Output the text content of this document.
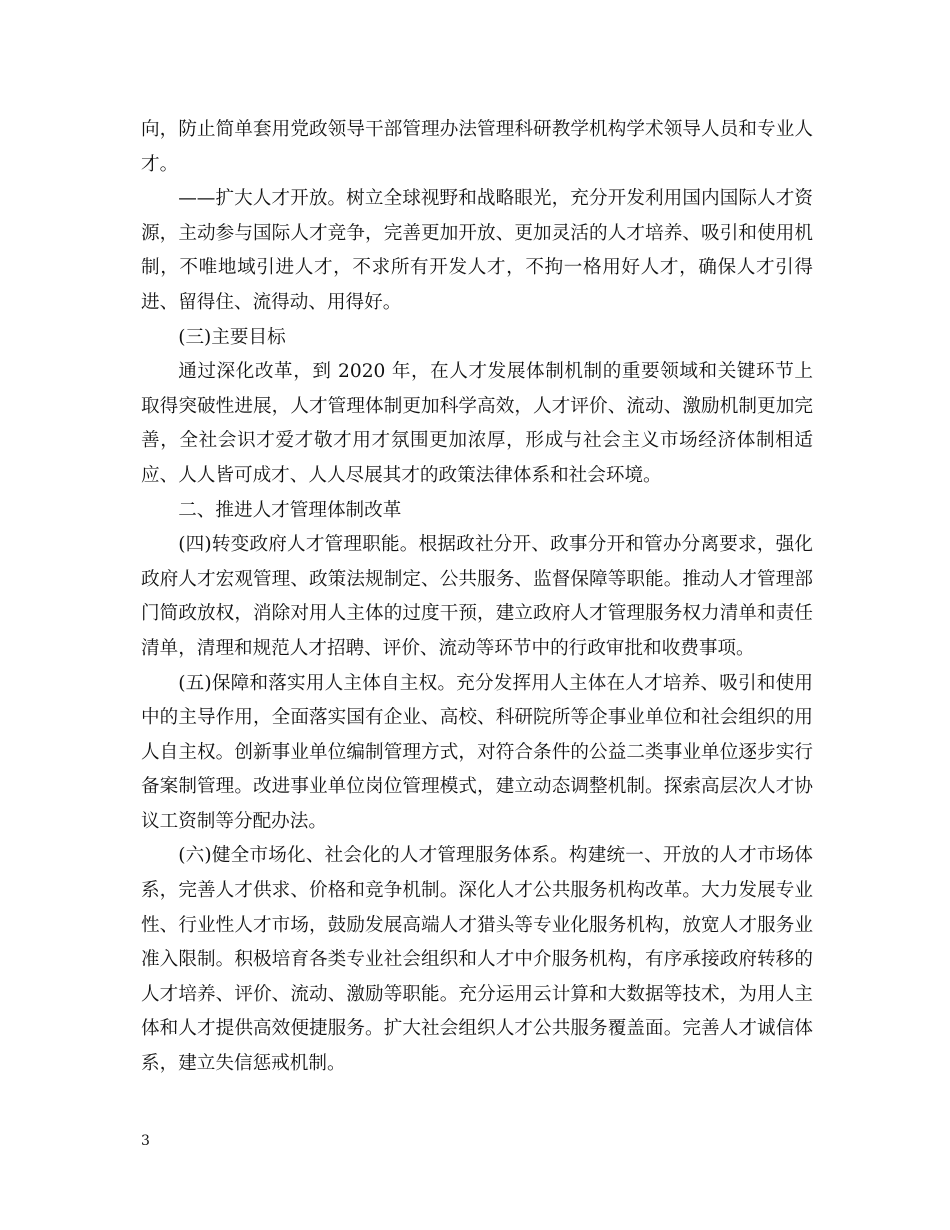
向，防止简单套用党政领导干部管理办法管理科研教学机构学术领导人员和专业人才。

——扩大人才开放。树立全球视野和战略眼光，充分开发利用国内国际人才资源，主动参与国际人才竞争，完善更加开放、更加灵活的人才培养、吸引和使用机制，不唯地域引进人才，不求所有开发人才，不拘一格用好人才，确保人才引得进、留得住、流得动、用得好。

(三)主要目标

通过深化改革，到 2020 年，在人才发展体制机制的重要领域和关键环节上取得突破性进展，人才管理体制更加科学高效，人才评价、流动、激励机制更加完善，全社会识才爱才敬才用才氛围更加浓厚，形成与社会主义市场经济体制相适应、人人皆可成才、人人尽展其才的政策法律体系和社会环境。

二、推进人才管理体制改革

(四)转变政府人才管理职能。根据政社分开、政事分开和管办分离要求，强化政府人才宏观管理、政策法规制定、公共服务、监督保障等职能。推动人才管理部门简政放权，消除对用人主体的过度干预，建立政府人才管理服务权力清单和责任清单，清理和规范人才招聘、评价、流动等环节中的行政审批和收费事项。

(五)保障和落实用人主体自主权。充分发挥用人主体在人才培养、吸引和使用中的主导作用，全面落实国有企业、高校、科研院所等企事业单位和社会组织的用人自主权。创新事业单位编制管理方式，对符合条件的公益二类事业单位逐步实行备案制管理。改进事业单位岗位管理模式，建立动态调整机制。探索高层次人才协议工资制等分配办法。

(六)健全市场化、社会化的人才管理服务体系。构建统一、开放的人才市场体系，完善人才供求、价格和竞争机制。深化人才公共服务机构改革。大力发展专业性、行业性人才市场，鼓励发展高端人才猎头等专业化服务机构，放宽人才服务业准入限制。积极培育各类专业社会组织和人才中介服务机构，有序承接政府转移的人才培养、评价、流动、激励等职能。充分运用云计算和大数据等技术，为用人主体和人才提供高效便捷服务。扩大社会组织人才公共服务覆盖面。完善人才诚信体系，建立失信惩戒机制。

3
